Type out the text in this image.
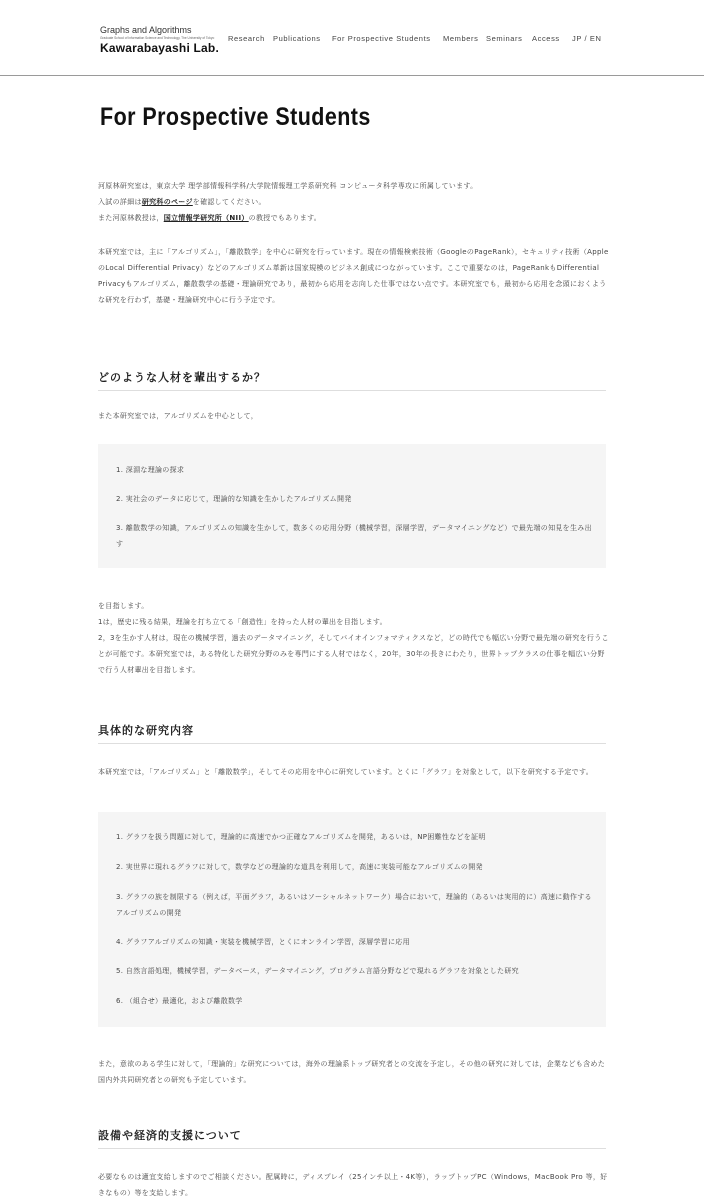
Graphs and Algorithms
Graduate School of Information Science and Technology, The University of Tokyo
Kawarabayashi Lab.
Research Publications For Prospective Students Members Seminars Access JP / EN
For Prospective Students
河原林研究室は，東京大学 理学部情報科学科/大学院情報理工学系研究科 コンピュータ科学専攻に所属しています。
入試の詳細は研究科のページを確認してください。
また河原林教授は，国立情報学研究所（NII）の教授でもあります。
本研究室では，主に「アルゴリズム」，「離散数学」を中心に研究を行っています。現在の情報検索技術（GoogleのPageRank），セキュリティ技術（AppleのLocal Differential Privacy）などのアルゴリズム革新は国家規模のビジネス創成につながっています。ここで重要なのは，PageRankもDifferential Privacyもアルゴリズム，離散数学の基礎・理論研究であり，最初から応用を志向した仕事ではない点です。本研究室でも，最初から応用を念頭におくような研究を行わず，基礎・理論研究中心に行う予定です。
どのような人材を輩出するか？
また本研究室では，アルゴリズムを中心として，
1. 深淵な理論の探求
2. 実社会のデータに応じて，理論的な知識を生かしたアルゴリズム開発
3. 離散数学の知識，アルゴリズムの知識を生かして，数多くの応用分野（機械学習，深層学習，データマイニングなど）で最先端の知見を生み出す
を目指します。
1は，歴史に残る結果，理論を打ち立てる「創造性」を持った人材の輩出を目指します。
2，3を生かす人材は，現在の機械学習，過去のデータマイニング，そしてバイオインフォマティクスなど，どの時代でも幅広い分野で最先端の研究を行うことが可能です。本研究室では，ある特化した研究分野のみを専門にする人材ではなく，20年，30年の長きにわたり，世界トップクラスの仕事を幅広い分野で行う人材輩出を目指します。
具体的な研究内容
本研究室では，「アルゴリズム」と「離散数学」，そしてその応用を中心に研究しています。とくに「グラフ」を対象として，以下を研究する予定です。
1. グラフを扱う問題に対して，理論的に高速でかつ正確なアルゴリズムを開発，あるいは，NP困難性などを証明
2. 実世界に現れるグラフに対して，数学などの理論的な道具を利用して，高速に実装可能なアルゴリズムの開発
3. グラフの族を制限する（例えば，平面グラフ，あるいはソーシャルネットワーク）場合において，理論的（あるいは実用的に）高速に動作するアルゴリズムの開発
4. グラフアルゴリズムの知識・実装を機械学習，とくにオンライン学習，深層学習に応用
5. 自然言語処理，機械学習，データベース，データマイニング，プログラム言語分野などで現れるグラフを対象とした研究
6. （組合せ）最適化，および離散数学
また，意欲のある学生に対して，「理論的」な研究については，海外の理論系トップ研究者との交流を予定し，その他の研究に対しては，企業なども含めた国内外共同研究者との研究も予定しています。
設備や経済的支援について
必要なものは適宜支給しますのでご相談ください。配属時に，ディスプレイ（25インチ以上・4K等），ラップトップPC（Windows，MacBook Pro 等，好きなもの）等を支給します。
